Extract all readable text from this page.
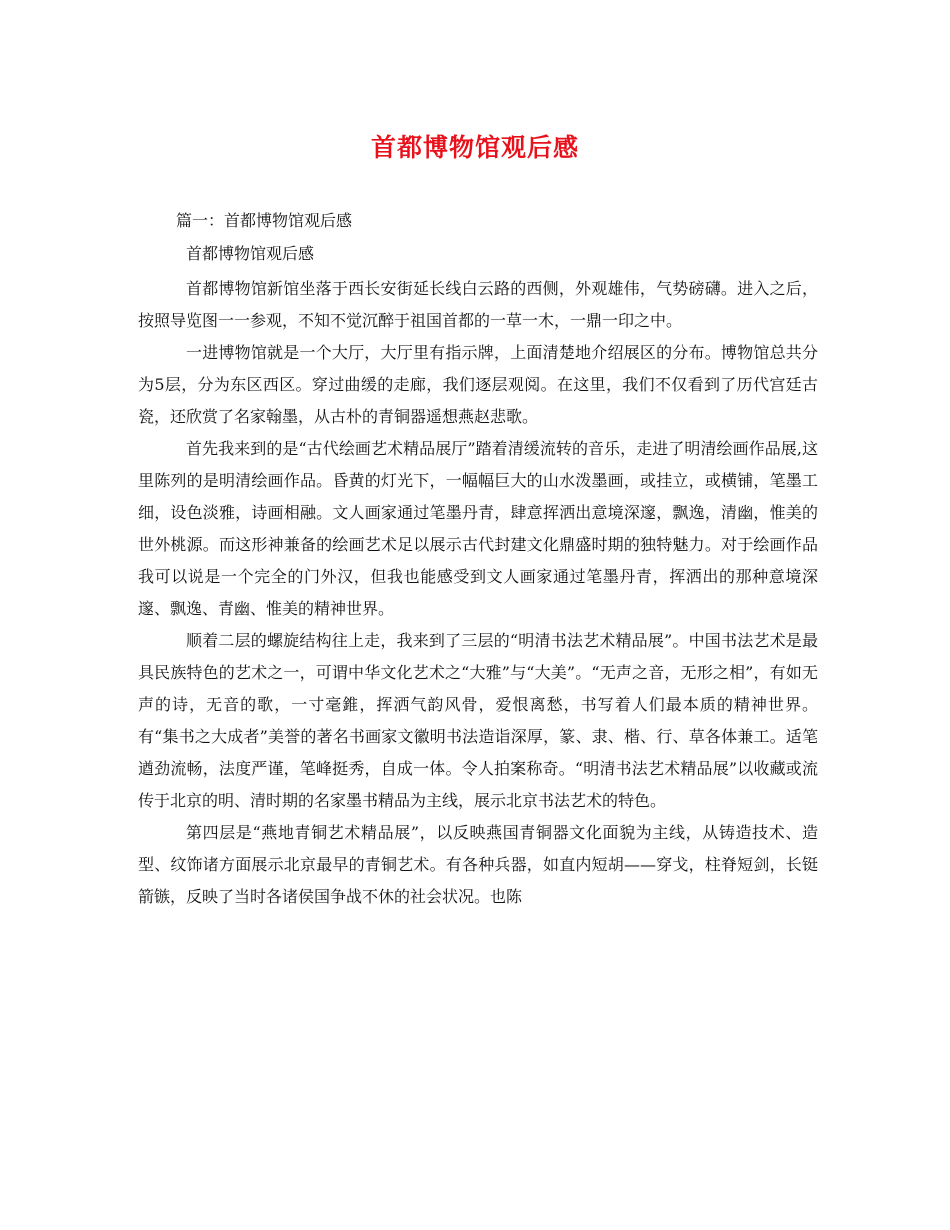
首都博物馆观后感
篇一：首都博物馆观后感
首都博物馆观后感

首都博物馆新馆坐落于西长安街延长线白云路的西侧，外观雄伟，气势磅礴。进入之后，按照导览图一一参观，不知不觉沉醉于祖国首都的一草一木，一鼎一印之中。

一进博物馆就是一个大厅，大厅里有指示牌，上面清楚地介绍展区的分布。博物馆总共分为5层，分为东区西区。穿过曲缓的走廊，我们逐层观阅。在这里，我们不仅看到了历代宫廷古瓷，还欣赏了名家翰墨，从古朴的青铜器遥想燕赵悲歌。

首先我来到的是“古代绘画艺术精品展厅”踏着清缓流转的音乐，走进了明清绘画作品展,这里陈列的是明清绘画作品。昏黄的灯光下，一幅幅巨大的山水泼墨画，或挂立，或横铺，笔墨工细，设色淡雅，诗画相融。文人画家通过笔墨丹青，肆意挥洒出意境深邃，飘逸，清幽，惟美的世外桃源。而这形神兼备的绘画艺术足以展示古代封建文化鼎盛时期的独特魅力。对于绘画作品我可以说是一个完全的门外汉，但我也能感受到文人画家通过笔墨丹青，挥洒出的那种意境深邃、飘逸、青幽、惟美的精神世界。

顺着二层的螺旋结构往上走，我来到了三层的“明清书法艺术精品展”。中国书法艺术是最具民族特色的艺术之一，可谓中华文化艺术之“大雅”与“大美”。“无声之音，无形之相”，有如无声的诗，无音的歌，一寸毫錐，挥洒气韵风骨，爱恨离愁，书写着人们最本质的精神世界。有“集书之大成者”美誉的著名书画家文徽明书法造诣深厚，篆、隶、楷、行、草各体兼工。适笔遒劲流畅，法度严谨，笔峰挺秀，自成一体。令人拍案称奇。“明清书法艺术精品展”以收藏或流传于北京的明、清时期的名家墨书精品为主线，展示北京书法艺术的特色。

第四层是“燕地青铜艺术精品展”，以反映燕国青铜器文化面貌为主线，从铸造技术、造型、纹饰诸方面展示北京最早的青铜艺术。有各种兵器，如直内短胡——穿戈，柱脊短剑，长铤箭镞，反映了当时各诸侯国争战不休的社会状况。也陈
